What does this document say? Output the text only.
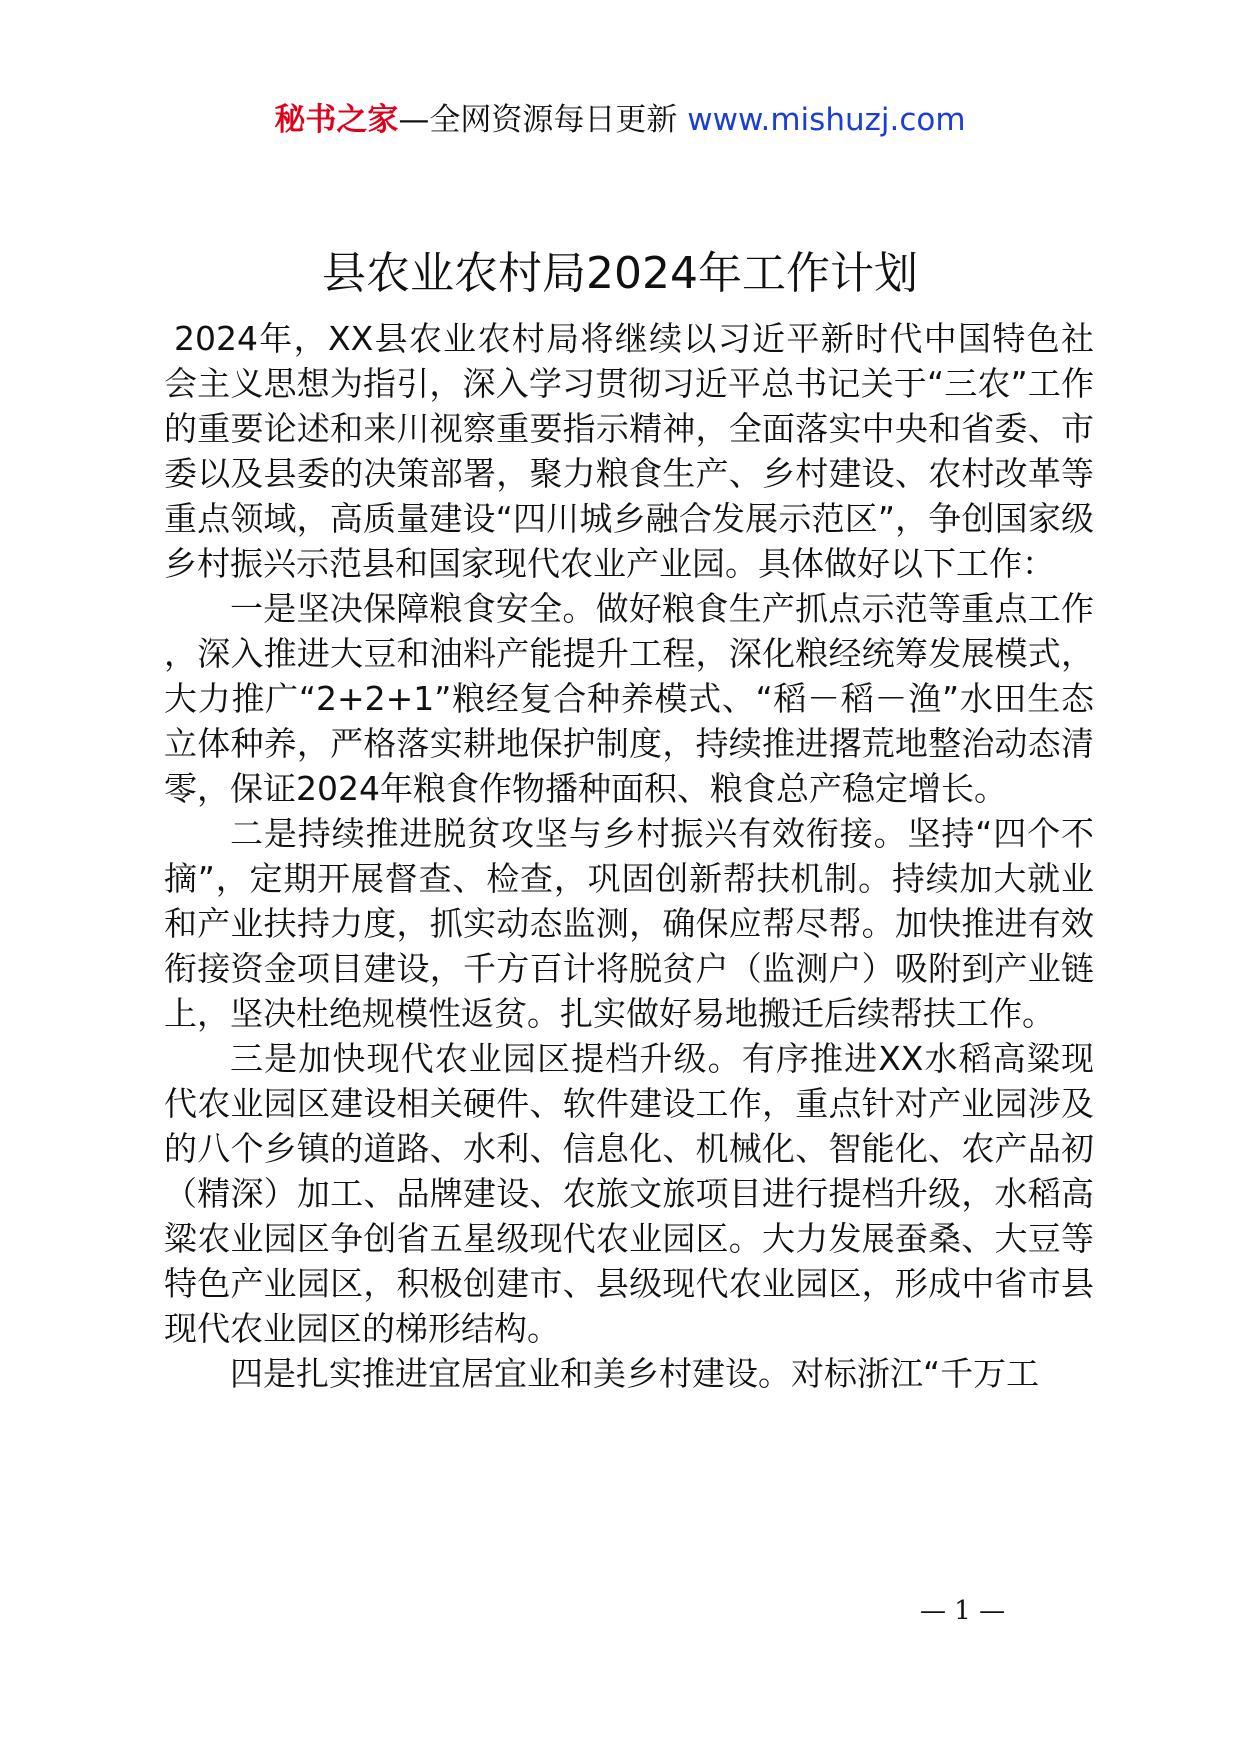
秘书之家—全网资源每日更新 www.mishuzj.com
县农业农村局2024年工作计划

2024年，XX县农业农村局将继续以习近平新时代中国特色社会主义思想为指引，深入学习贯彻习近平总书记关于“三农”工作的重要论述和来川视察重要指示精神，全面落实中央和省委、市委以及县委的决策部署，聚力粮食生产、乡村建设、农村改革等重点领域，高质量建设“四川城乡融合发展示范区”，争创国家级乡村振兴示范县和国家现代农业产业园。具体做好以下工作：

一是坚决保障粮食安全。做好粮食生产抓点示范等重点工作，深入推进大豆和油料产能提升工程，深化粮经统筹发展模式，大力推广“2+2+1”粮经复合种养模式、“稻－稻－渔”水田生态立体种养，严格落实耕地保护制度，持续推进撂荒地整治动态清零，保证2024年粮食作物播种面积、粮食总产稳定增长。

二是持续推进脱贫攻坚与乡村振兴有效衔接。坚持“四个不摘”，定期开展督查、检查，巩固创新帮扶机制。持续加大就业和产业扶持力度，抓实动态监测，确保应帮尽帮。加快推进有效衔接资金项目建设，千方百计将脱贫户（监测户）吸附到产业链上，坚决杜绝规模性返贫。扎实做好易地搬迁后续帮扶工作。

三是加快现代农业园区提档升级。有序推进XX水稻高粱现代农业园区建设相关硬件、软件建设工作，重点针对产业园涉及的八个乡镇的道路、水利、信息化、机械化、智能化、农产品初（精深）加工、品牌建设、农旅文旅项目进行提档升级，水稻高粱农业园区争创省五星级现代农业园区。大力发展蚕桑、大豆等特色产业园区，积极创建市、县级现代农业园区，形成中省市县现代农业园区的梯形结构。

四是扎实推进宜居宜业和美乡村建设。对标浙江“千万工

— 1 —
